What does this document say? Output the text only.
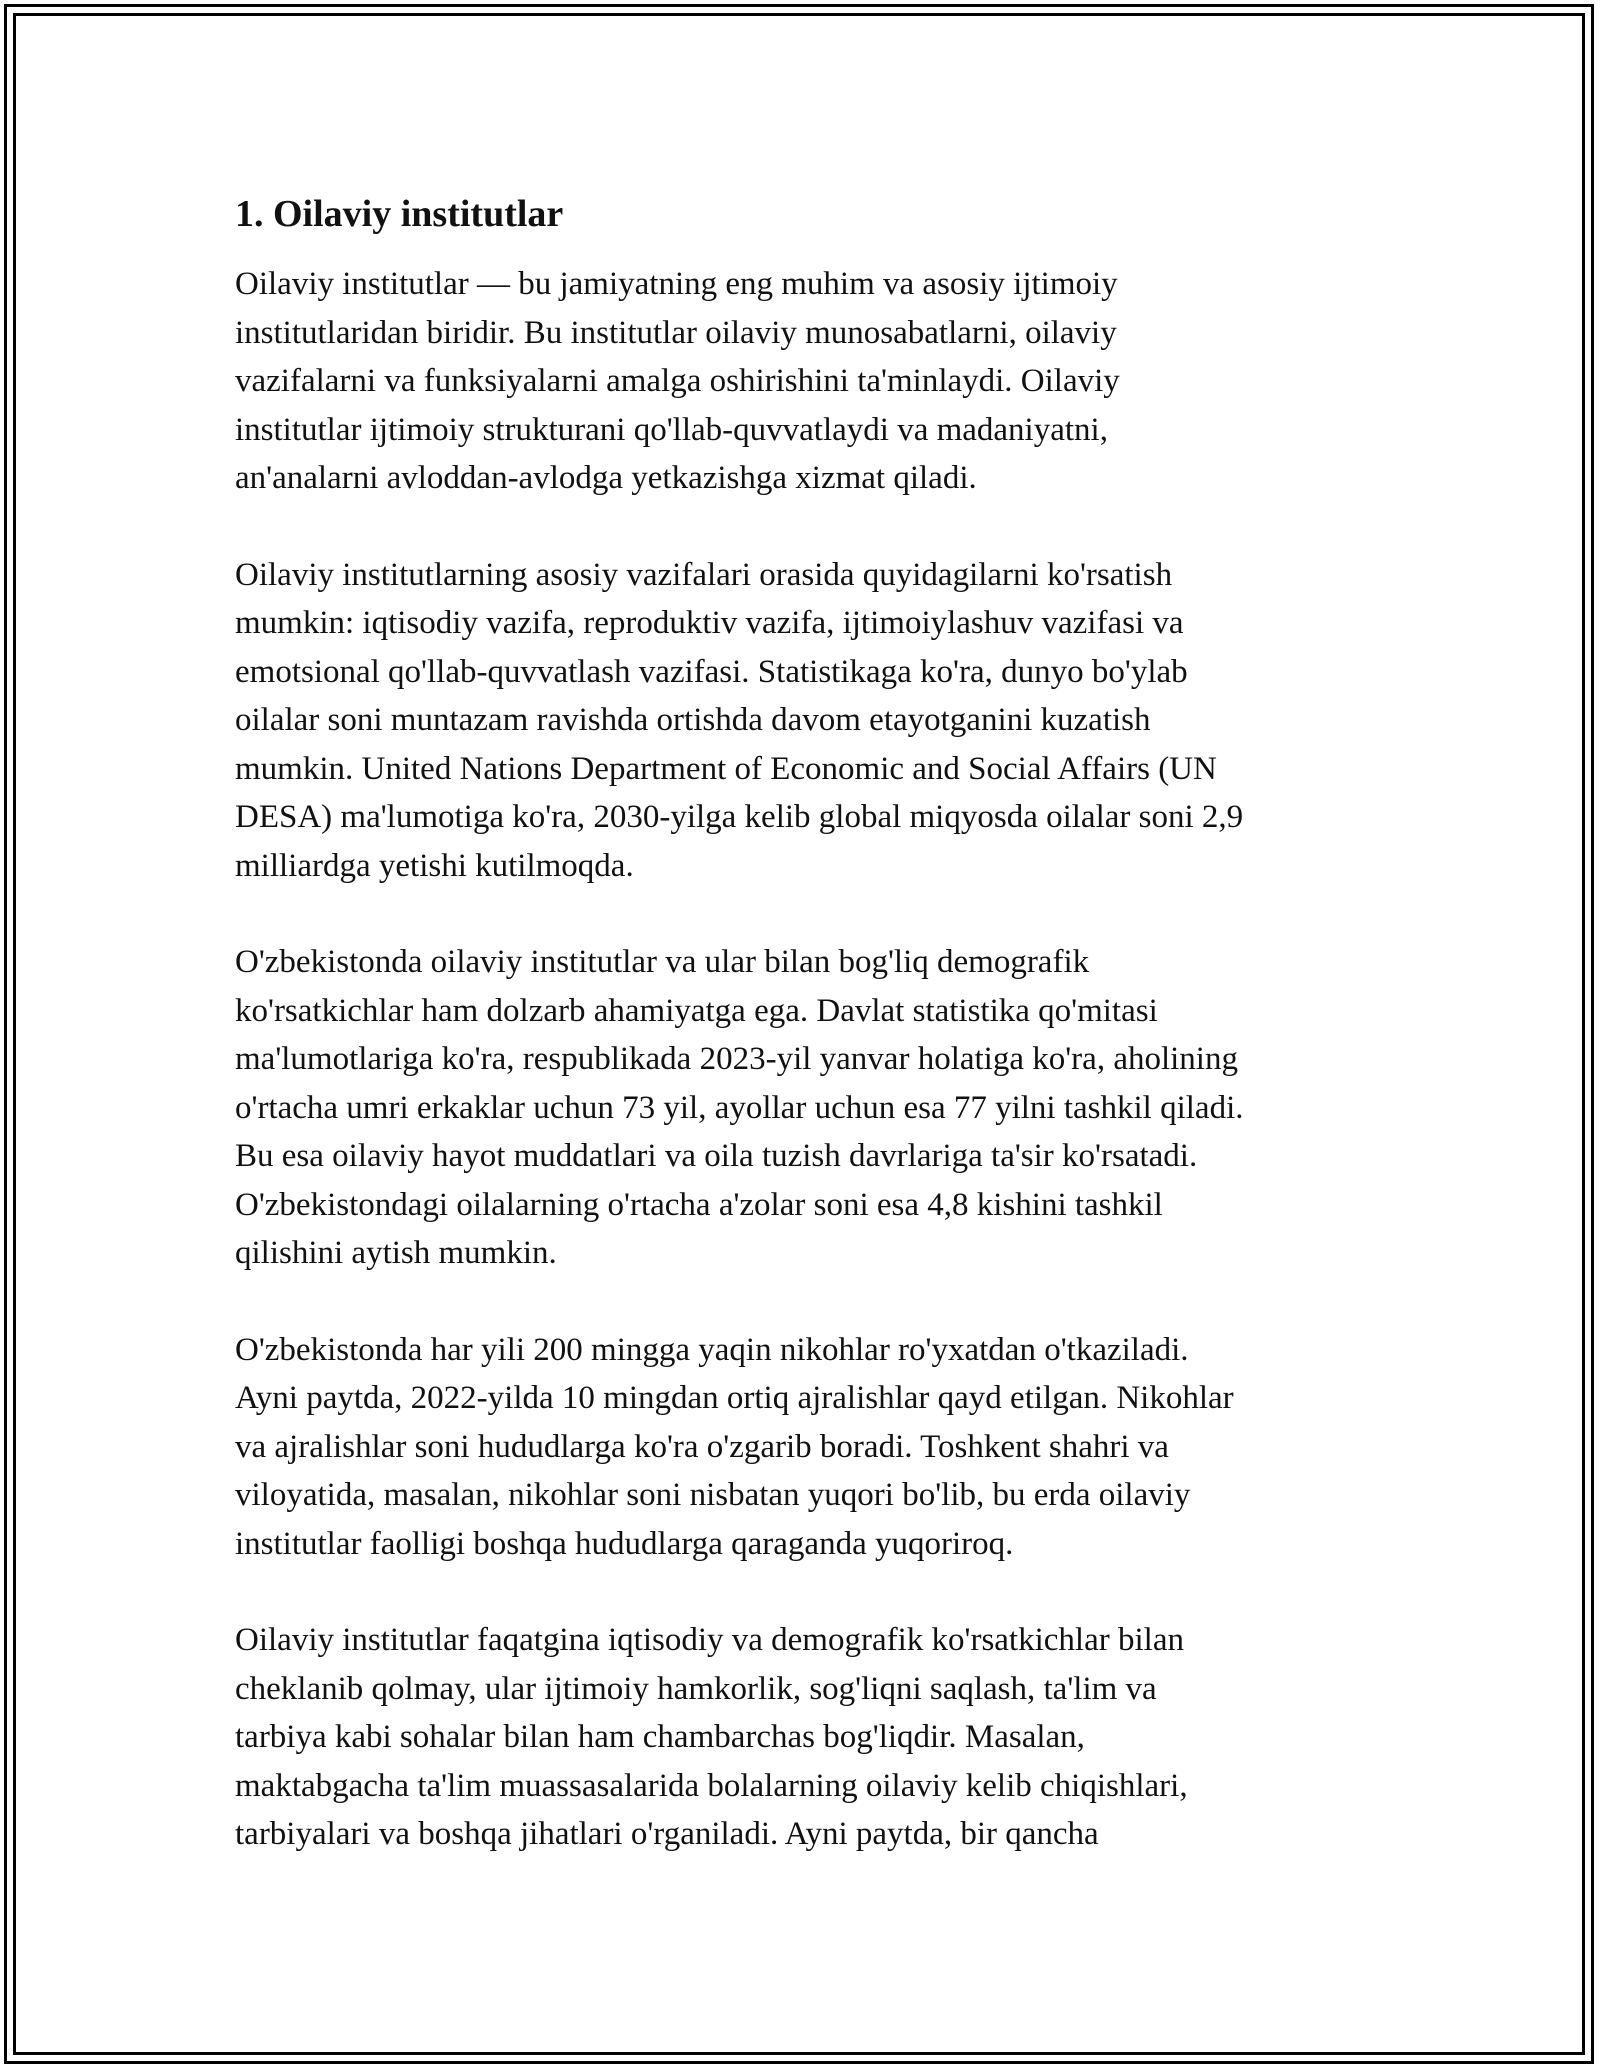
1. Oilaviy institutlar

Oilaviy institutlar — bu jamiyatning eng muhim va asosiy ijtimoiy
institutlaridan biridir. Bu institutlar oilaviy munosabatlarni, oilaviy
vazifalarni va funksiyalarni amalga oshirishini ta'minlaydi. Oilaviy
institutlar ijtimoiy strukturani qo'llab-quvvatlaydi va madaniyatni,
an'analarni avloddan-avlodga yetkazishga xizmat qiladi.

Oilaviy institutlarning asosiy vazifalari orasida quyidagilarni ko'rsatish
mumkin: iqtisodiy vazifa, reproduktiv vazifa, ijtimoiylashuv vazifasi va
emotsional qo'llab-quvvatlash vazifasi. Statistikaga ko'ra, dunyo bo'ylab
oilalar soni muntazam ravishda ortishda davom etayotganini kuzatish
mumkin. United Nations Department of Economic and Social Affairs (UN
DESA) ma'lumotiga ko'ra, 2030-yilga kelib global miqyosda oilalar soni 2,9
milliardga yetishi kutilmoqda.

O'zbekistonda oilaviy institutlar va ular bilan bog'liq demografik
ko'rsatkichlar ham dolzarb ahamiyatga ega. Davlat statistika qo'mitasi
ma'lumotlariga ko'ra, respublikada 2023-yil yanvar holatiga ko'ra, aholining
o'rtacha umri erkaklar uchun 73 yil, ayollar uchun esa 77 yilni tashkil qiladi.
Bu esa oilaviy hayot muddatlari va oila tuzish davrlariga ta'sir ko'rsatadi.
O'zbekistondagi oilalarning o'rtacha a'zolar soni esa 4,8 kishini tashkil
qilishini aytish mumkin.

O'zbekistonda har yili 200 mingga yaqin nikohlar ro'yxatdan o'tkaziladi.
Ayni paytda, 2022-yilda 10 mingdan ortiq ajralishlar qayd etilgan. Nikohlar
va ajralishlar soni hududlarga ko'ra o'zgarib boradi. Toshkent shahri va
viloyatida, masalan, nikohlar soni nisbatan yuqori bo'lib, bu erda oilaviy
institutlar faolligi boshqa hududlarga qaraganda yuqoriroq.

Oilaviy institutlar faqatgina iqtisodiy va demografik ko'rsatkichlar bilan
cheklanib qolmay, ular ijtimoiy hamkorlik, sog'liqni saqlash, ta'lim va
tarbiya kabi sohalar bilan ham chambarchas bog'liqdir. Masalan,
maktabgacha ta'lim muassasalarida bolalarning oilaviy kelib chiqishlari,
tarbiyalari va boshqa jihatlari o'rganiladi. Ayni paytda, bir qancha
